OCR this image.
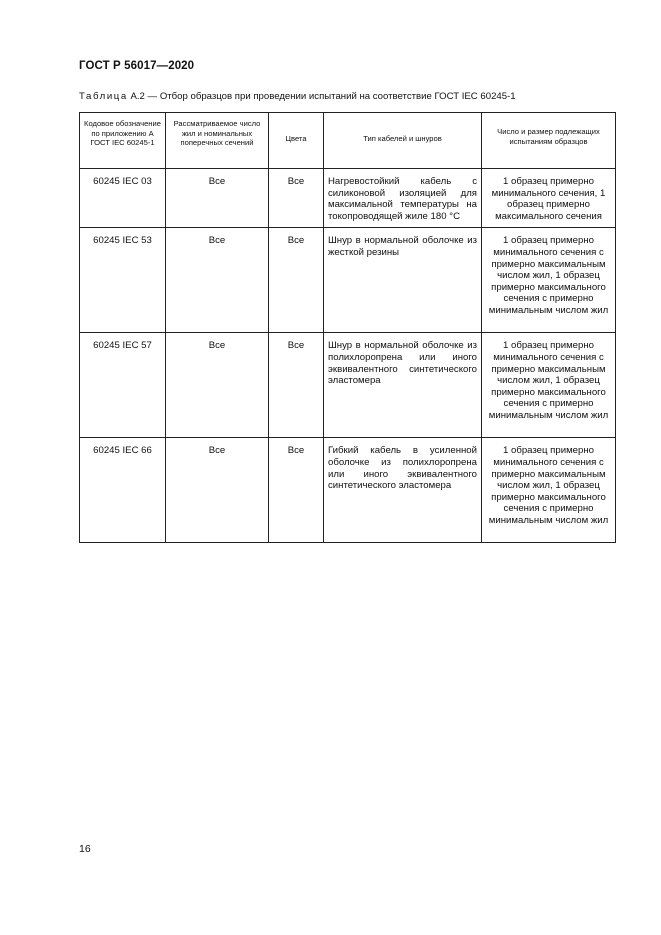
ГОСТ Р 56017—2020
Таблица А.2 — Отбор образцов при проведении испытаний на соответствие ГОСТ IEC 60245-1
Кодовое обозначение по приложению А ГОСТ IEC 60245-1	Рассматриваемое число жил и номинальных поперечных сечений	Цвета	Тип кабелей и шнуров	Число и размер подлежащих испытаниям образцов

60245 IEC 03	Все	Все	Нагревостойкий кабель с силиконовой изоляцией для максимальной температуры на токопроводящей жиле 180 °С	1 образец примерно минимального сечения, 1 образец примерно максимального сечения

60245 IEC 53	Все	Все	Шнур в нормальной оболочке из жесткой резины	1 образец примерно минимального сечения с примерно максимальным числом жил, 1 образец примерно максимального сечения с примерно минимальным числом жил

60245 IEC 57	Все	Все	Шнур в нормальной оболочке из полихлоропрена или иного эквивалентного синтетического эластомера	1 образец примерно минимального сечения с примерно максимальным числом жил, 1 образец примерно максимального сечения с примерно минимальным числом жил

60245 IEC 66	Все	Все	Гибкий кабель в усиленной оболочке из полихлоропрена или иного эквивалентного синтетического эластомера	1 образец примерно минимального сечения с примерно максимальным числом жил, 1 образец примерно максимального сечения с примерно минимальным числом жил
16
